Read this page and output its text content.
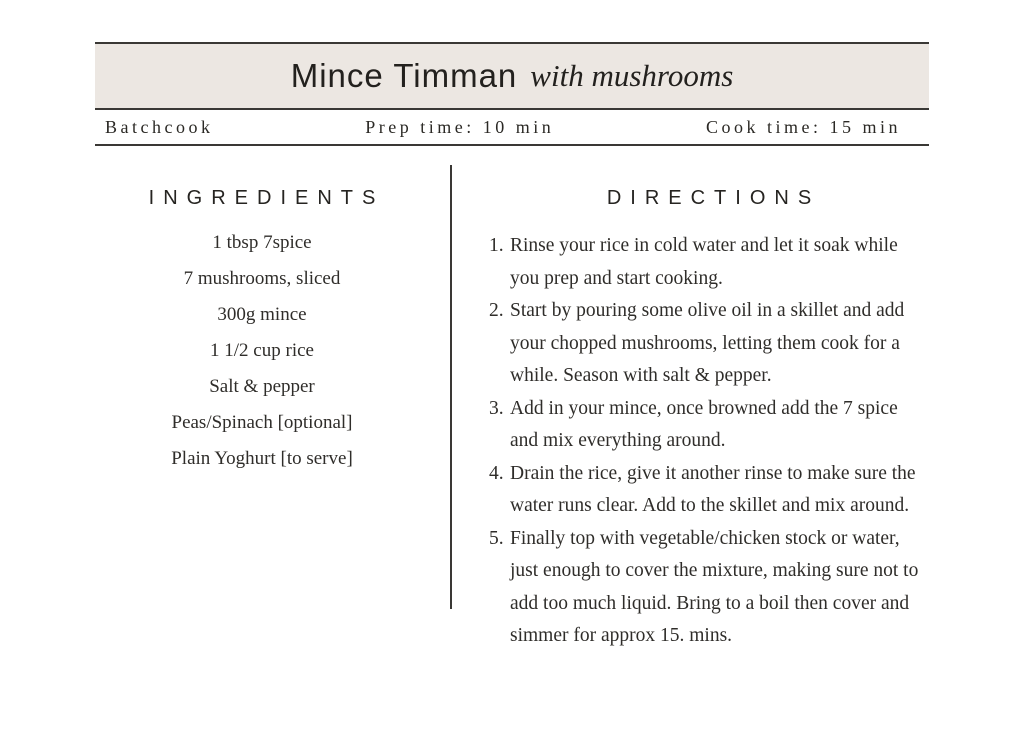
Mince Timman with mushrooms
Batchcook	Prep time: 10 min	Cook time: 15 min
INGREDIENTS
1 tbsp 7spice
7 mushrooms, sliced
300g mince
1 1/2 cup rice
Salt & pepper
Peas/Spinach [optional]
Plain Yoghurt [to serve]
DIRECTIONS
1. Rinse your rice in cold water and let it soak while you prep and start cooking.
2. Start by pouring some olive oil in a skillet and add your chopped mushrooms, letting them cook for a while. Season with salt & pepper.
3. Add in your mince, once browned add the 7 spice and mix everything around.
4. Drain the rice, give it another rinse to make sure the water runs clear. Add to the skillet and mix around.
5. Finally top with vegetable/chicken stock or water, just enough to cover the mixture, making sure not to add too much liquid. Bring to a boil then cover and simmer for approx 15. mins.
